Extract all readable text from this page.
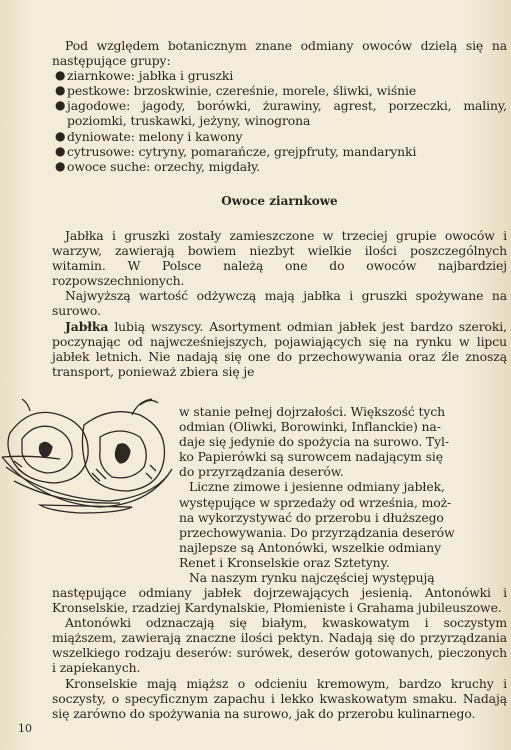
Pod względem botanicznym znane odmiany owoców dzielą się na następujące grupy:

● ziarnkowe: jabłka i gruszki
● pestkowe: brzoskwinie, czereśnie, morele, śliwki, wiśnie
● jagodowe: jagody, borówki, żurawiny, agrest, porzeczki, maliny, poziomki, truskawki, jeżyny, winogrona
● dyniowate: melony i kawony
● cytrusowe: cytryny, pomarańcze, grejpfruty, mandarynki
● owoce suche: orzechy, migdały.
Owoce ziarnkowe

Jabłka i gruszki zostały zamieszczone w trzeciej grupie owoców i warzyw, zawierają bowiem niezbyt wielkie ilości poszczególnych witamin. W Polsce należą one do owoców najbardziej rozpowszechnionych.

Najwyższą wartość odżywczą mają jabłka i gruszki spożywane na surowo.

Jabłka lubią wszyscy. Asortyment odmian jabłek jest bardzo szeroki, poczynając od najwcześniejszych, pojawiających się na rynku w lipcu jabłek letnich. Nie nadają się one do przechowywania oraz źle znoszą transport, ponieważ zbiera się je

w stanie pełnej dojrzałości. Większość tych
odmian (Oliwki, Borowinki, Inflanckie) na-
daje się jedynie do spożycia na surowo. Tyl-
ko Papierówki są surowcem nadającym się
do przyrządzania deserów.
Liczne zimowe i jesienne odmiany jabłek,
występujące w sprzedaży od września, moż-
na wykorzystywać do przerobu i dłuższego
przechowywania. Do przyrządzania deserów
najlepsze są Antonówki, wszelkie odmiany
Renet i Kronselskie oraz Sztetyny.
Na naszym rynku najczęściej występują

następujące odmiany jabłek dojrzewających jesienią. Antonówki i Kronselskie, rzadziej Kardynalskie, Płomieniste i Grahama jubileuszowe.

Antonówki odznaczają się białym, kwaskowatym i soczystym miąższem, zawierają znaczne ilości pektyn. Nadają się do przyrządzania wszelkiego rodzaju deserów: surówek, deserów gotowanych, pieczonych i zapiekanych.

Kronselskie mają miąższ o odcieniu kremowym, bardzo kruchy i soczysty, o specyficznym zapachu i lekko kwaskowatym smaku. Nadają się zarówno do spożywania na surowo, jak do przerobu kulinarnego.

10
